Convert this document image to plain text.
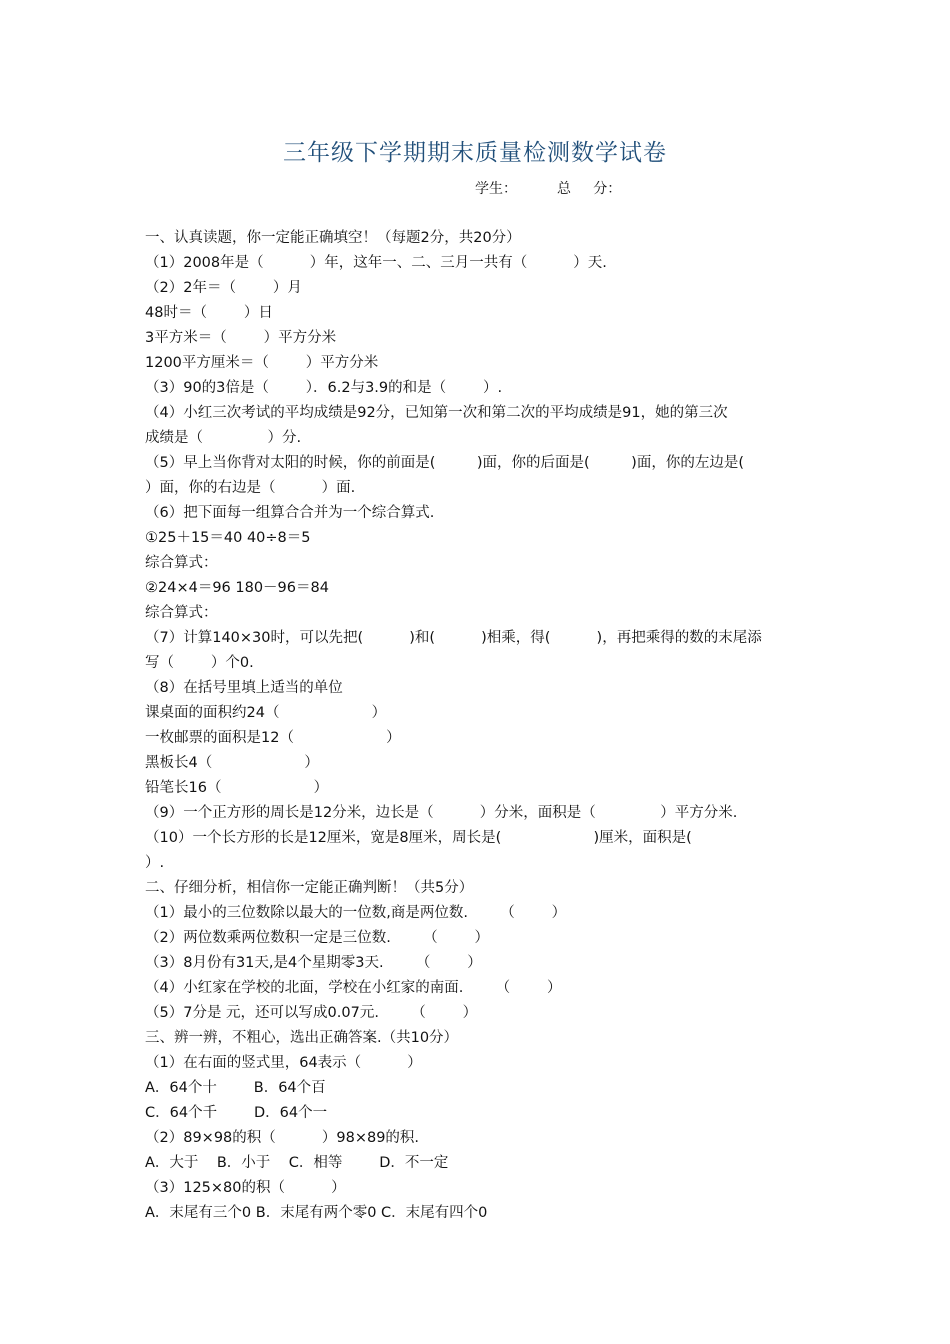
三年级下学期期末质量检测数学试卷
学生：         总     分：

一、认真读题，你一定能正确填空！（每题2分，共20分）

（1）2008年是（          ）年，这年一、二、三月一共有（          ）天.

（2）2年＝（        ）月

48时＝（        ）日

3平方米＝（        ）平方分米

1200平方厘米＝（        ）平方分米

（3）90的3倍是（        ）．6.2与3.9的和是（        ）.

（4）小红三次考试的平均成绩是92分，已知第一次和第二次的平均成绩是91，她的第三次

成绩是（              ）分.

（5）早上当你背对太阳的时候，你的前面是(         )面，你的后面是(         )面，你的左边是(

）面，你的右边是（          ）面.

（6）把下面每一组算合合并为一个综合算式.

①25＋15＝40 40÷8＝5

综合算式：

②24×4＝96 180－96＝84

综合算式：

（7）计算140×30时，可以先把(          )和(          )相乘，得(          )，再把乘得的数的末尾添

写（        ）个0.

（8）在括号里填上适当的单位

课桌面的面积约24（                    ）

一枚邮票的面积是12（                    ）

黑板长4（                    ）

铅笔长16（                    ）

（9）一个正方形的周长是12分米，边长是（          ）分米，面积是（              ）平方分米.

（10）一个长方形的长是12厘米，宽是8厘米，周长是(                    )厘米，面积是(

）.

二、仔细分析，相信你一定能正确判断！（共5分）

（1）最小的三位数除以最大的一位数,商是两位数.       （        ）

（2）两位数乘两位数积一定是三位数.       （        ）

（3）8月份有31天,是4个星期零3天.       （        ）

（4）小红家在学校的北面，学校在小红家的南面.       （        ）

（5）7分是 元，还可以写成0.07元.       （        ）

三、辨一辨，不粗心，选出正确答案.（共10分）

（1）在右面的竖式里，64表示（          ）

A．64个十        B．64个百

C．64个千        D．64个一

（2）89×98的积（          ）98×89的积.

A．大于    B．小于    C．相等        D．不一定

（3）125×80的积（          ）

A．末尾有三个0 B．末尾有两个零0 C．末尾有四个0
